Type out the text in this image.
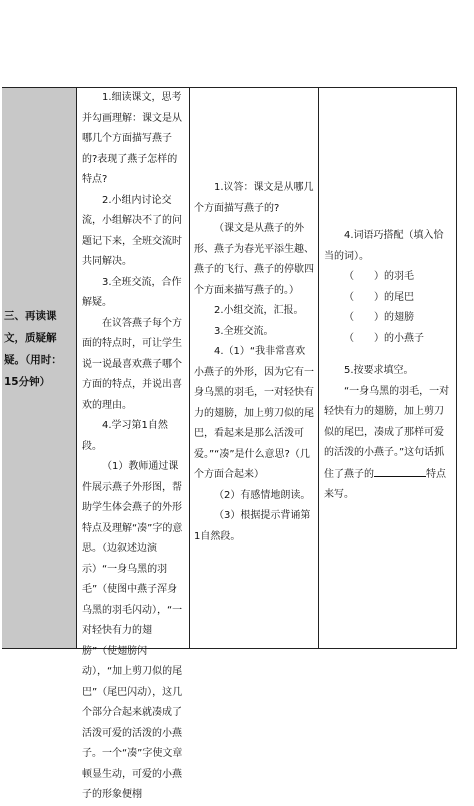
三、再读课文，质疑解疑。（用时：15分钟）

1.细读课文，思考并勾画理解：课文是从哪几个方面描写燕子的?表现了燕子怎样的特点?

2.小组内讨论交流，小组解决不了的问题记下来，全班交流时共同解决。

3.全班交流，合作解疑。

在议答燕子每个方面的特点时，可让学生说一说最喜欢燕子哪个方面的特点，并说出喜欢的理由。

4.学习第1自然段。

（1）教师通过课件展示燕子外形图，帮助学生体会燕子的外形特点及理解“凑”字的意思。（边叙述边演示）“一身乌黑的羽毛”（使图中燕子浑身乌黑的羽毛闪动），“一对轻快有力的翅膀”（使翅膀闪动），“加上剪刀似的尾巴”（尾巴闪动），这几个部分合起来就凑成了活泼可爱的活泼的小燕子。一个“凑”字使文章顿显生动，可爱的小燕子的形象便栩

1.议答：课文是从哪几个方面描写燕子的?

（课文是从燕子的外形、燕子为春光平添生趣、燕子的飞行、燕子的停歇四个方面来描写燕子的。）

2.小组交流，汇报。

3.全班交流。

4.（1）“我非常喜欢小燕子的外形，因为它有一身乌黑的羽毛，一对轻快有力的翅膀，加上剪刀似的尾巴，看起来是那么活泼可爱。”“凑”是什么意思?（几个方面合起来）

（2）有感情地朗读。

（3）根据提示背诵第1自然段。

4.词语巧搭配（填入恰当的词）。

（　　）的羽毛

（　　）的尾巴

（　　）的翅膀

（　　）的小燕子

5.按要求填空。

“一身乌黑的羽毛，一对轻快有力的翅膀，加上剪刀似的尾巴，凑成了那样可爱的活泼的小燕子。”这句话抓住了燕子的	特点来写。
